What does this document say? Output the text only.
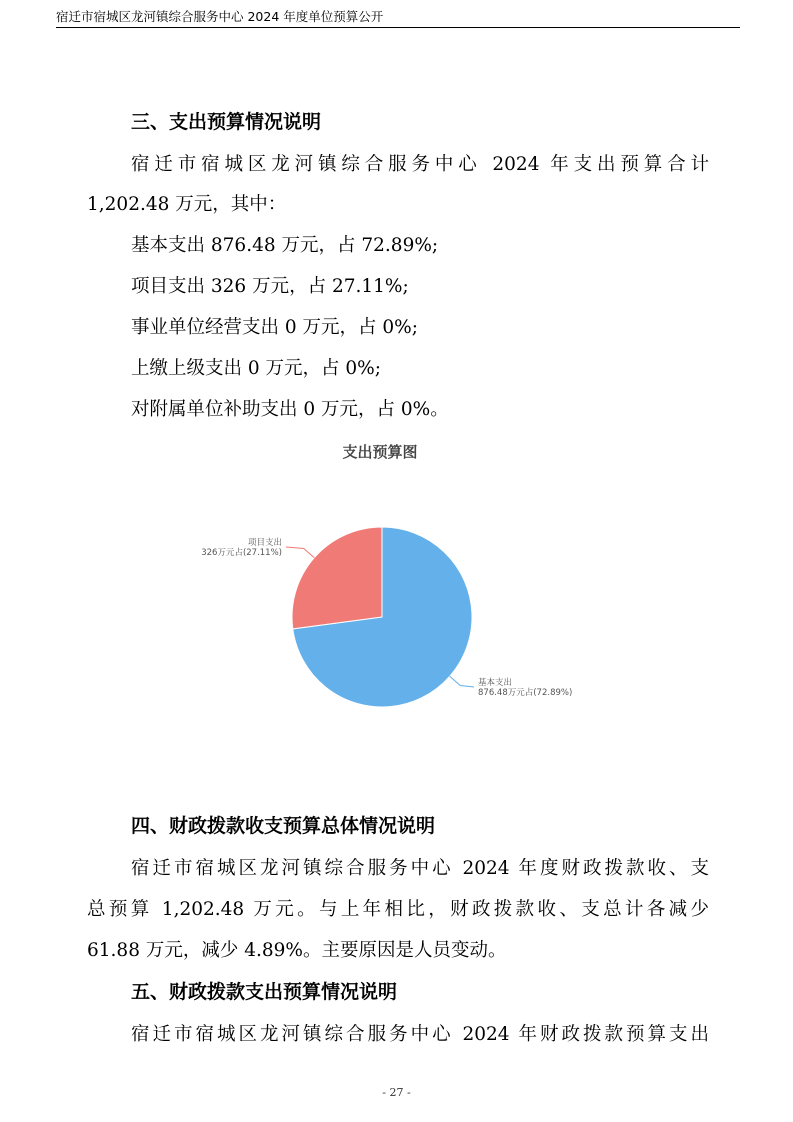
宿迁市宿城区龙河镇综合服务中心 2024 年度单位预算公开
三、支出预算情况说明
宿迁市宿城区龙河镇综合服务中心 2024 年支出预算合计
1,202.48 万元，其中：
基本支出 876.48 万元，占 72.89%;
项目支出 326 万元，占 27.11%;
事业单位经营支出 0 万元，占 0%;
上缴上级支出 0 万元，占 0%;
对附属单位补助支出 0 万元，占 0%。
支出预算图
基本支出
876.48万元占(72.89%)
项目支出
326万元占(27.11%)
四、财政拨款收支预算总体情况说明
宿迁市宿城区龙河镇综合服务中心 2024 年度财政拨款收、支
总预算 1,202.48 万元。与上年相比，财政拨款收、支总计各减少
61.88 万元，减少 4.89%。主要原因是人员变动。
五、财政拨款支出预算情况说明
宿迁市宿城区龙河镇综合服务中心 2024 年财政拨款预算支出
- 27 -
